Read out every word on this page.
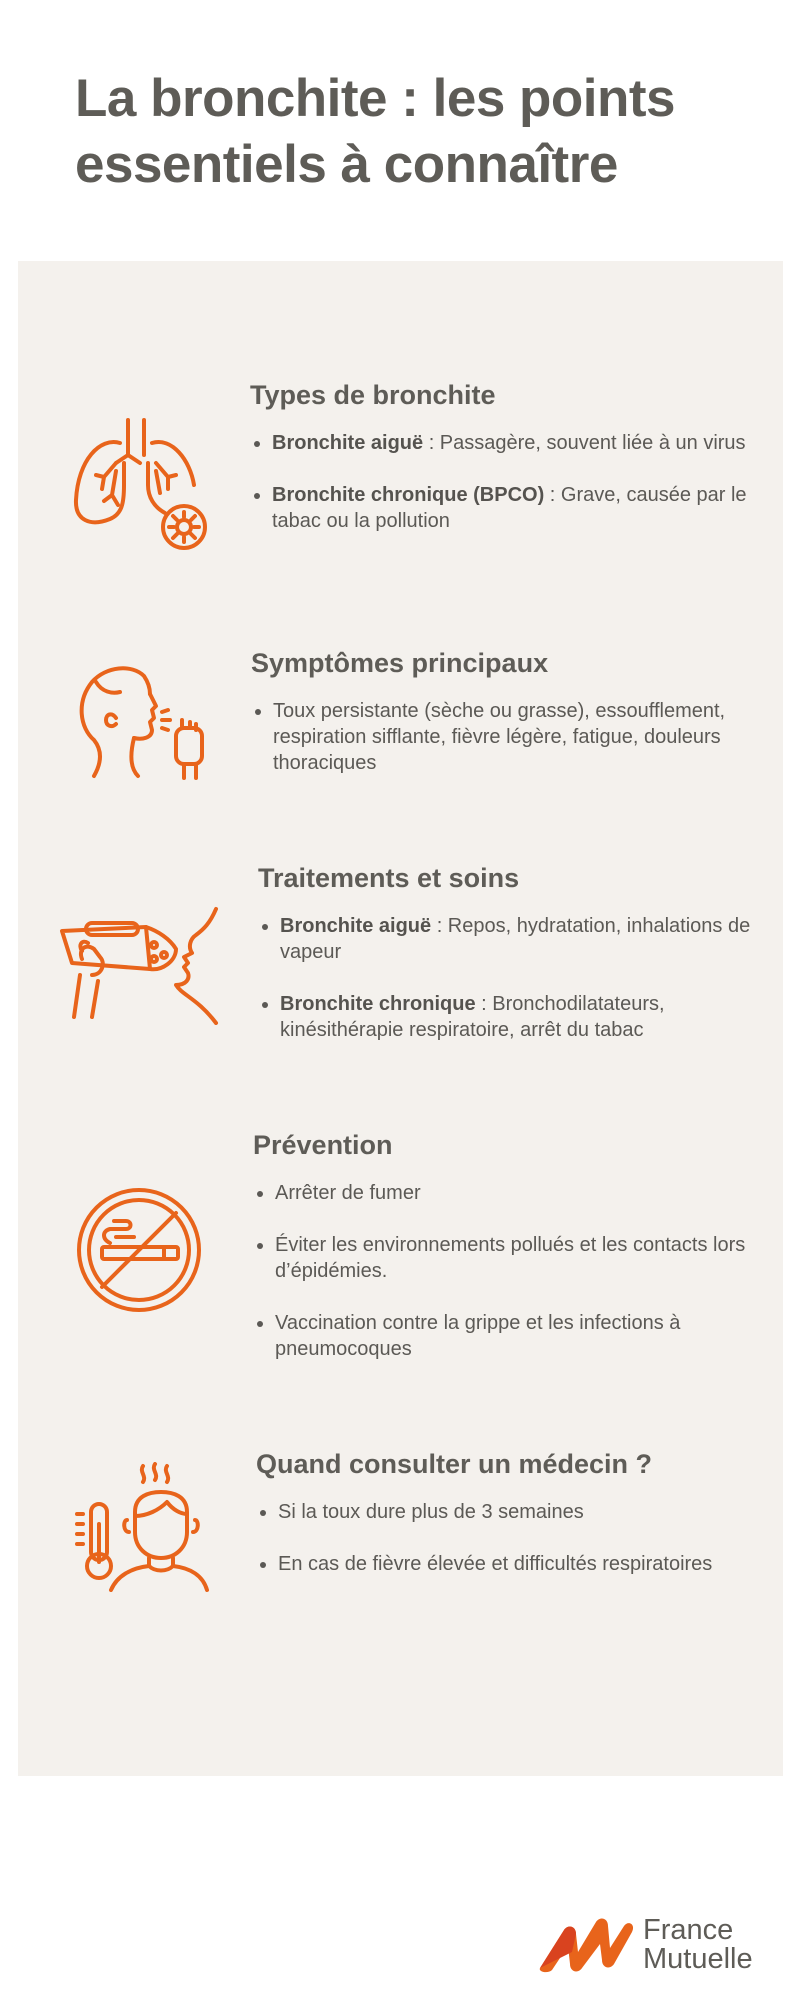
La bronchite : les points essentiels à connaître
Types de bronchite
Bronchite aiguë : Passagère, souvent liée à un virus
Bronchite chronique (BPCO) : Grave, causée par le tabac ou la pollution
Symptômes principaux
Toux persistante (sèche ou grasse), essoufflement, respiration sifflante, fièvre légère, fatigue, douleurs thoraciques
Traitements et soins
Bronchite aiguë : Repos, hydratation, inhalations de vapeur
Bronchite chronique : Bronchodilatateurs, kinésithérapie respiratoire, arrêt du tabac
Prévention
Arrêter de fumer
Éviter les environnements pollués et les contacts lors d’épidémies.
Vaccination contre la grippe et les infections à pneumocoques
Quand consulter un médecin ?
Si la toux dure plus de 3 semaines
En cas de fièvre élevée et difficultés respiratoires
France
Mutuelle
